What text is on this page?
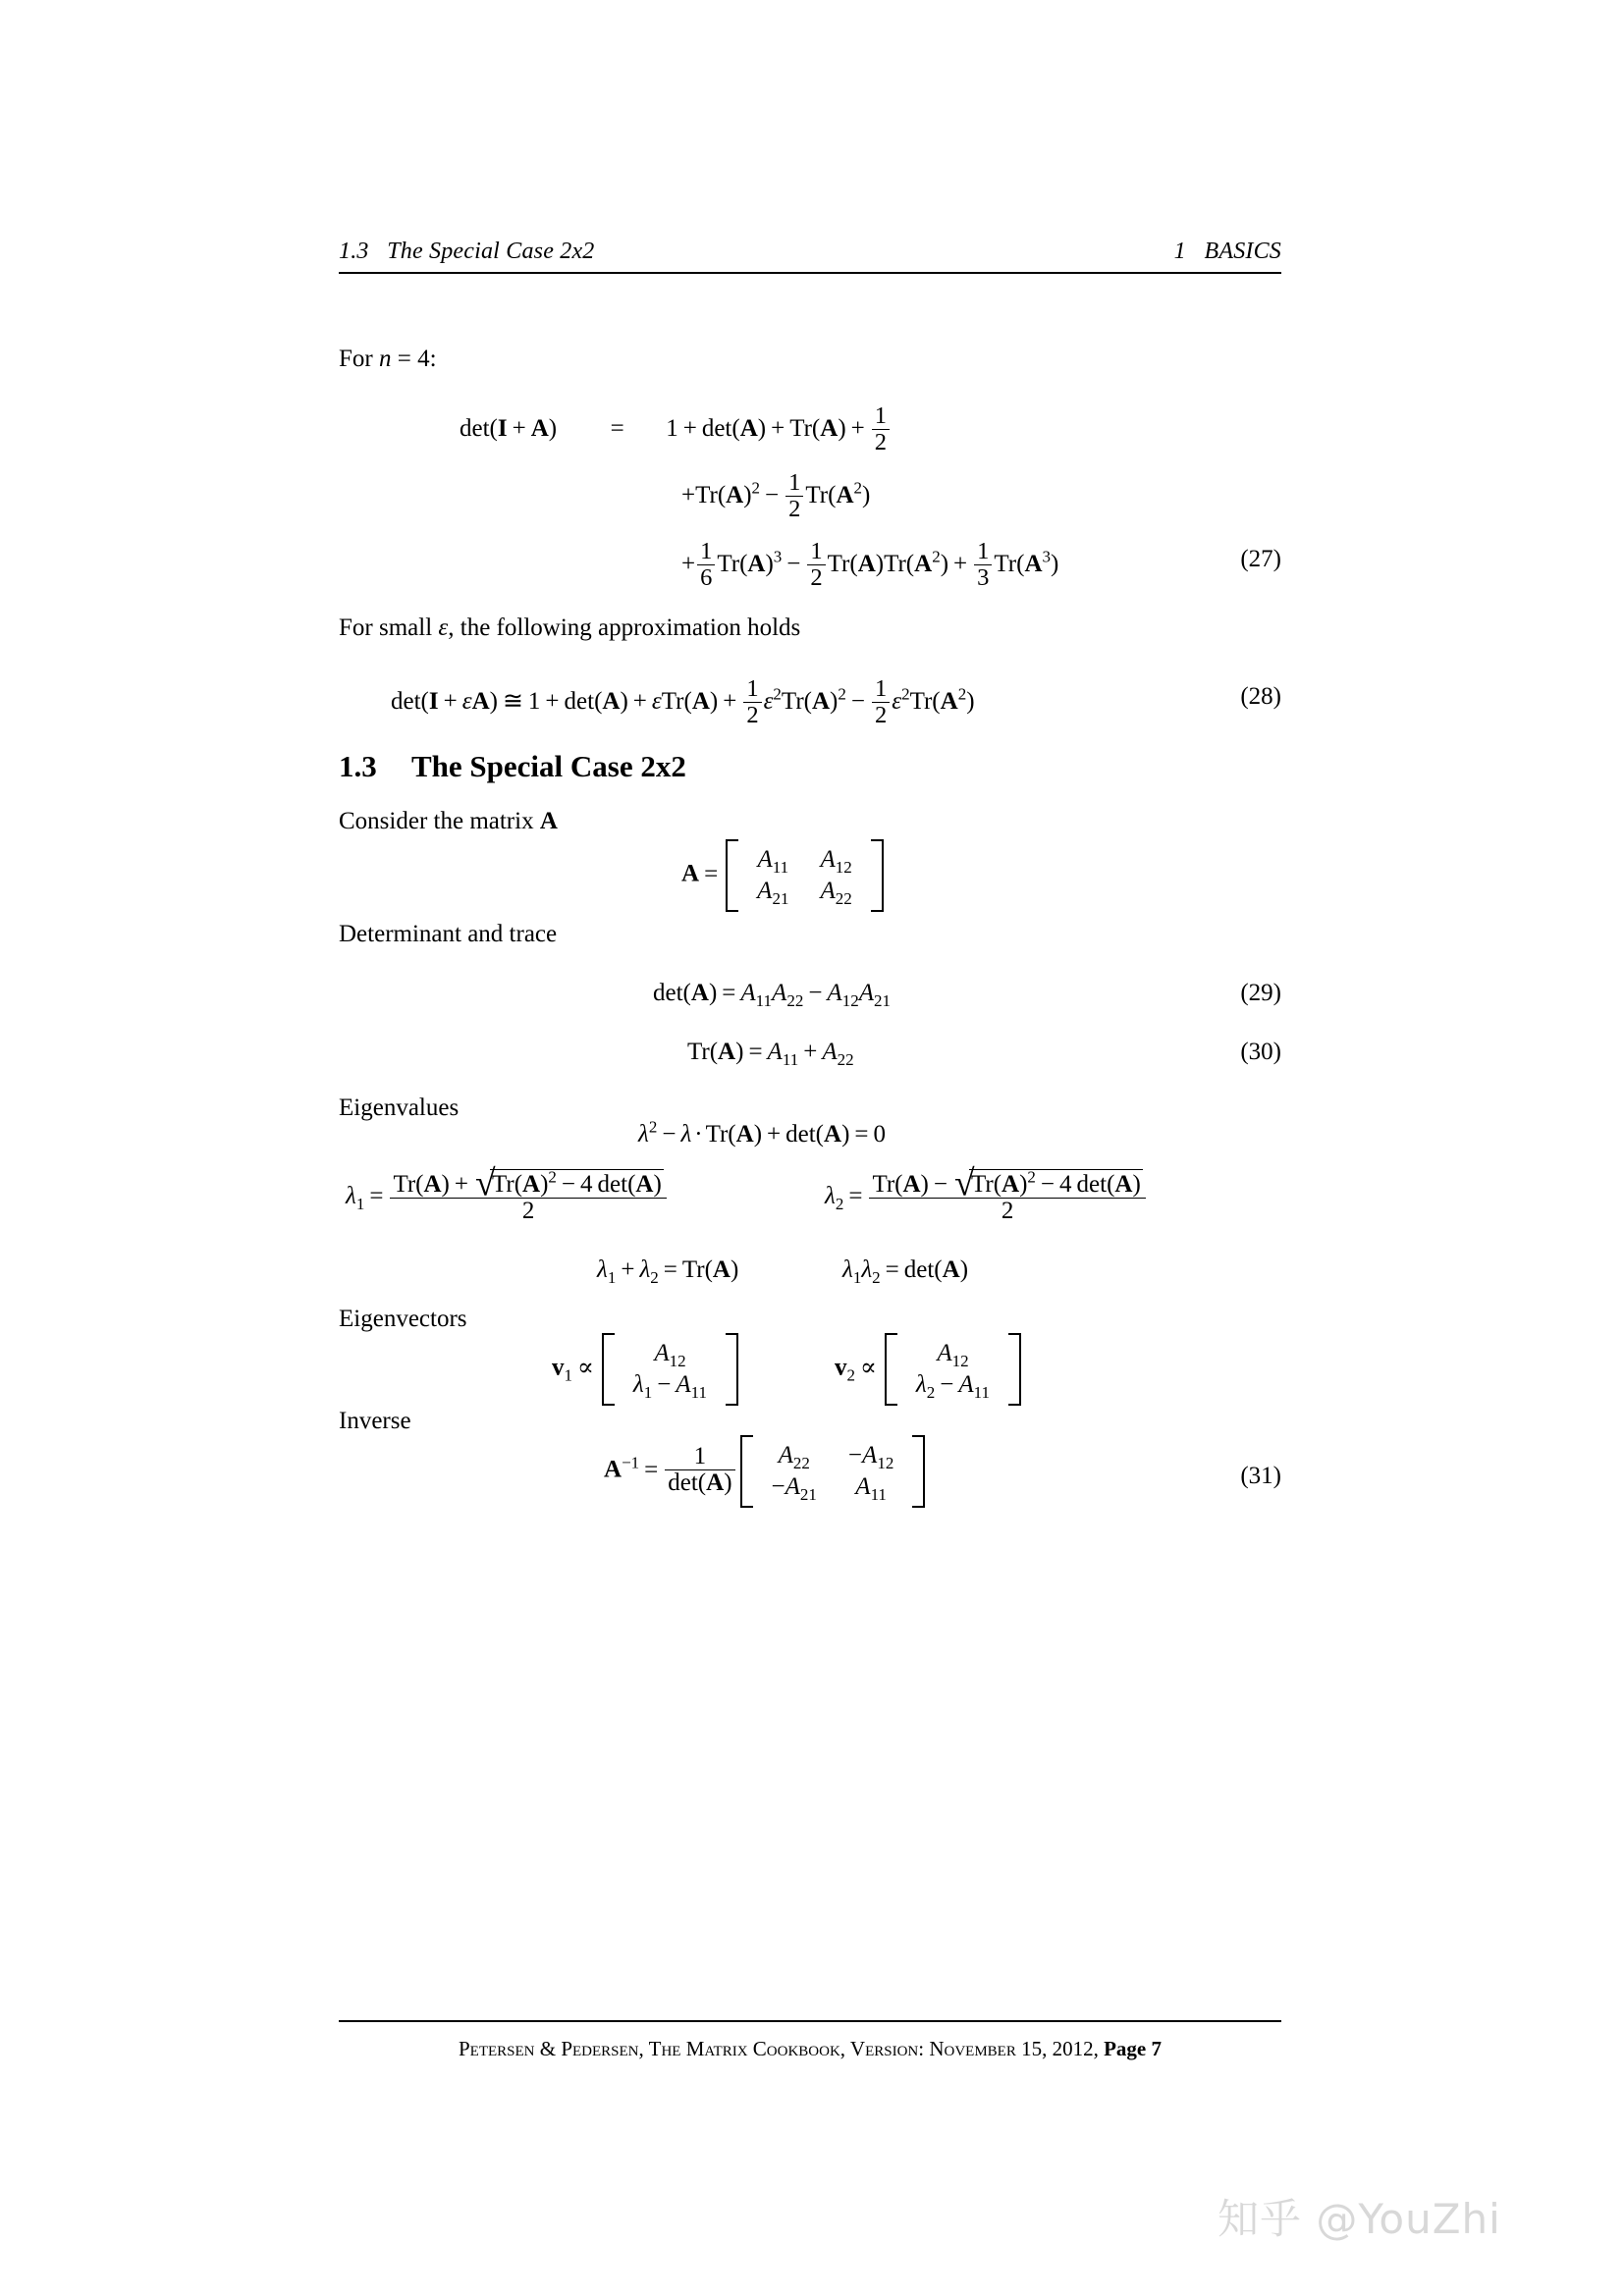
1.3   The Special Case 2x2	1   BASICS
For n = 4:
$\det(I + A) = 1 + \det(A) + Tr(A) + \frac{1}{2}$
$+Tr(A)^2 - \frac{1}{2} Tr(A^2)$
+ $\frac{1}{6} Tr(A)^3 - \frac{1}{2} Tr(A)Tr(A^2) + \frac{1}{3} Tr(A^3)$	(27)
For small ε, the following approximation holds
det(I + εA) ≅ $1 + \det(A) + \varepsilon Tr(A) + \frac{1}{2} \varepsilon^2Tr(A)^2 - \frac{1}{2} \varepsilon^2Tr(A^2)$	(28)
1.3 The Special Case 2x2
Consider the matrix A
A =
$A_{11}$	$A_{12}$
$A_{21}$	$A_{22}$
Determinant and trace
$\det(A) = A_{11}A_{22} - A_{12}A_{21}$	(29)
$Tr(A) = A_{11} + A_{22}$	(30)
Eigenvalues
$\lambda^2 - \lambda \cdot Tr(A) + \det(A) = 0$
$\lambda_1 = Tr(A)$ + √
$Tr(A)^2 - 4$ det(A)
2	$\lambda_2 = Tr(A)$ − √
$Tr(A)^2 - 4$ det(A)
2
$\lambda_1 + \lambda_2 = Tr(A)$	$\lambda_1\lambda_2 = \det(A)$
Eigenvectors
$v_1$ ∝
$A_{12}$
$\lambda_1 - A_{11}$
$v_2$ ∝
$A_{12}$
$\lambda_2 - A_{11}$
Inverse
$A^{-1} = \frac{1}{\det(A)} A_{22}$	$-A_{12}$
$-A_{21}$	$A_{11}$
(31)
Petersen & Pedersen, The Matrix Cookbook, Version: November 15, 2012, Page 7
知乎 @YouZhi
